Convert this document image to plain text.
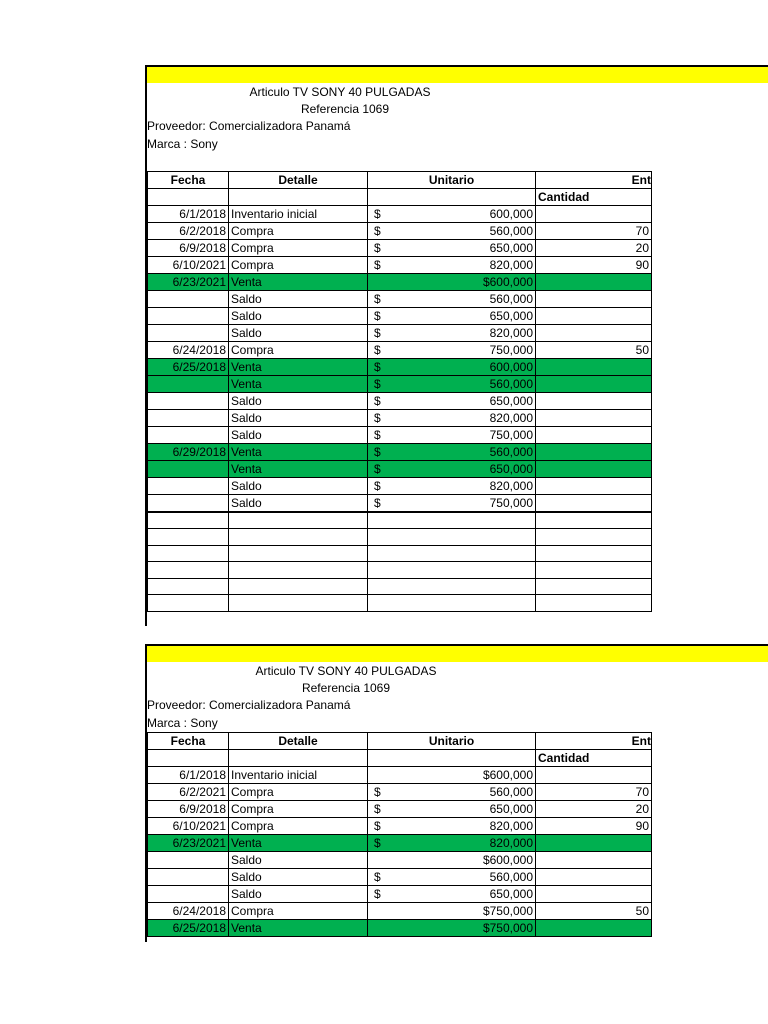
Articulo TV SONY 40 PULGADAS
Referencia 1069
Proveedor: Comercializadora Panamá
Marca : Sony
Fecha	Detalle	Unitario	Ent
			Cantidad
6/1/2018	Inventario inicial	$ 600,000	

6/2/2018	Compra	$ 560,000	70
6/9/2018	Compra	$ 650,000	20
6/10/2021	Compra	$ 820,000	90
6/23/2021	Venta	$600,000	

	Saldo	$ 560,000	

	Saldo	$ 650,000	

	Saldo	$ 820,000	

6/24/2018	Compra	$ 750,000	50
6/25/2018	Venta	$ 600,000	

	Venta	$ 560,000	

	Saldo	$ 650,000	

	Saldo	$ 820,000	

	Saldo	$ 750,000	

6/29/2018	Venta	$ 560,000	

	Venta	$ 650,000	

	Saldo	$ 820,000	

	Saldo	$ 750,000	

Articulo TV SONY 40 PULGADAS
Referencia 1069
Proveedor: Comercializadora Panamá
Marca : Sony
Fecha	Detalle	Unitario	Ent
			Cantidad
6/1/2018	Inventario inicial	$600,000	

6/2/2021	Compra	$ 560,000	70
6/9/2018	Compra	$ 650,000	20
6/10/2021	Compra	$ 820,000	90
6/23/2021	Venta	$ 820,000	

	Saldo	$600,000	

	Saldo	$ 560,000	

	Saldo	$ 650,000	

6/24/2018	Compra	$750,000	50
6/25/2018	Venta	$750,000	
